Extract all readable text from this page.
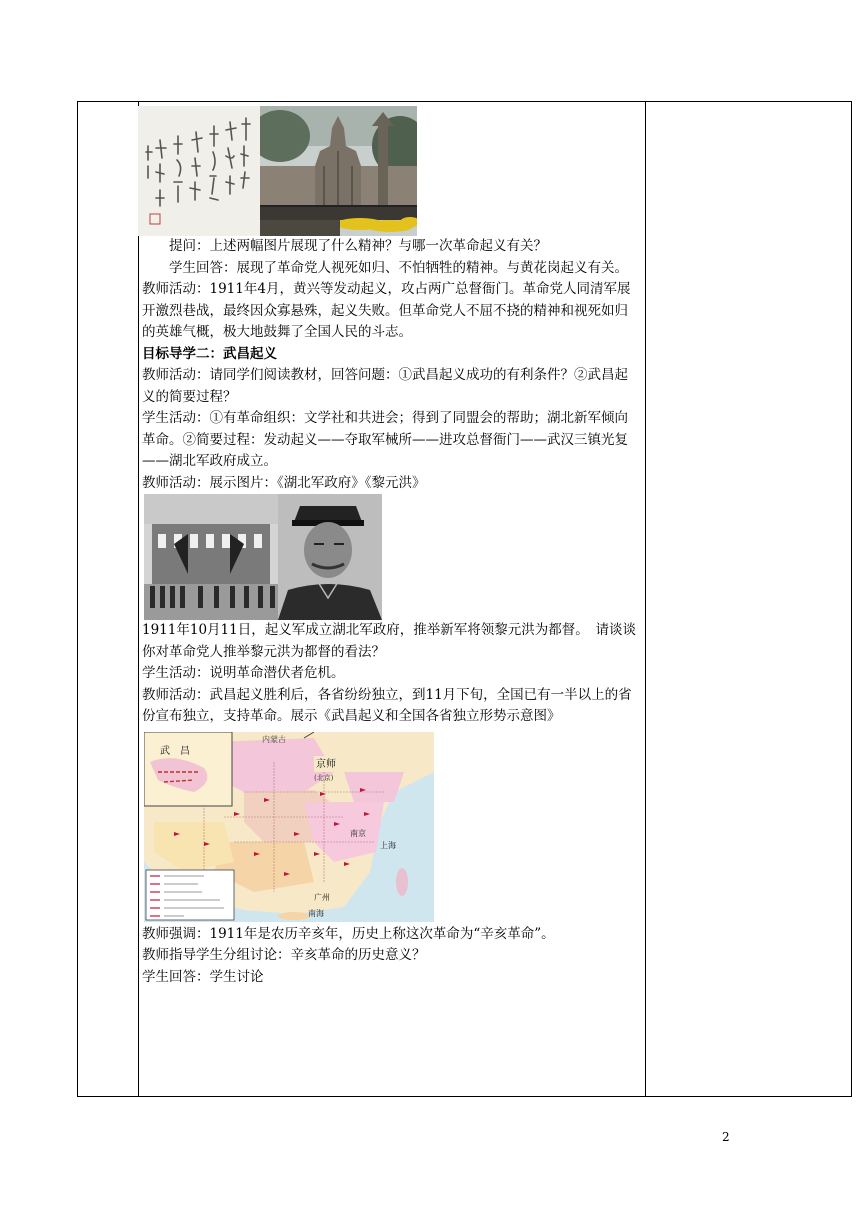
提问：上述两幅图片展现了什么精神？与哪一次革命起义有关？

学生回答：展现了革命党人视死如归、不怕牺牲的精神。与黄花岗起义有关。

教师活动：1911年4月，黄兴等发动起义，攻占两广总督衙门。革命党人同清军展开激烈巷战，最终因众寡悬殊，起义失败。但革命党人不屈不挠的精神和视死如归的英雄气概，极大地鼓舞了全国人民的斗志。

目标导学二：武昌起义

教师活动：请同学们阅读教材，回答问题：①武昌起义成功的有利条件？②武昌起义的简要过程？

学生活动：①有革命组织：文学社和共进会；得到了同盟会的帮助；湖北新军倾向革命。②简要过程：发动起义——夺取军械所——进攻总督衙门——武汉三镇光复——湖北军政府成立。

教师活动：展示图片：《湖北军政府》《黎元洪》

1911年10月11日，起义军成立湖北军政府，推举新军将领黎元洪为都督。　请谈谈你对革命党人推举黎元洪为都督的看法？

学生活动：说明革命潜伏者危机。

教师活动：武昌起义胜利后，各省纷纷独立，到11月下旬，全国已有一半以上的省份宣布独立，支持革命。展示《武昌起义和全国各省独立形势示意图》

武　昌
内蒙古
京师
(北京)
南京
上海
广州
南海

教师强调：1911年是农历辛亥年，历史上称这次革命为“辛亥革命”。

教师指导学生分组讨论：辛亥革命的历史意义？

学生回答：学生讨论

2
